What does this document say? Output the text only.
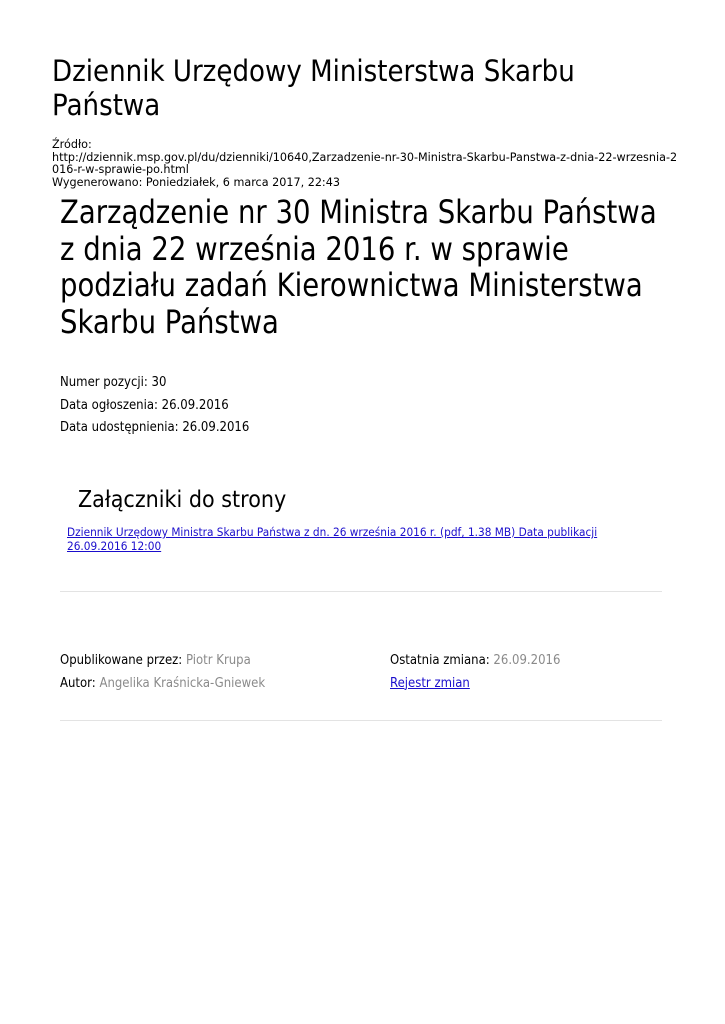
Dziennik Urzędowy Ministerstwa Skarbu Państwa
Źródło:
http://dziennik.msp.gov.pl/du/dzienniki/10640,Zarzadzenie-nr-30-Ministra-Skarbu-Panstwa-z-dnia-22-wrzesnia-2016-r-w-sprawie-po.html
Wygenerowano: Poniedziałek, 6 marca 2017, 22:43
Zarządzenie nr 30 Ministra Skarbu Państwa z dnia 22 września 2016 r. w sprawie podziału zadań Kierownictwa Ministerstwa Skarbu Państwa
Numer pozycji: 30
Data ogłoszenia: 26.09.2016
Data udostępnienia: 26.09.2016
Załączniki do strony
Dziennik Urzędowy Ministra Skarbu Państwa z dn. 26 września 2016 r. (pdf, 1.38 MB) Data publikacji 26.09.2016 12:00
Opublikowane przez: Piotr Krupa
Autor: Angelika Kraśnicka-Gniewek
Ostatnia zmiana: 26.09.2016
Rejestr zmian
